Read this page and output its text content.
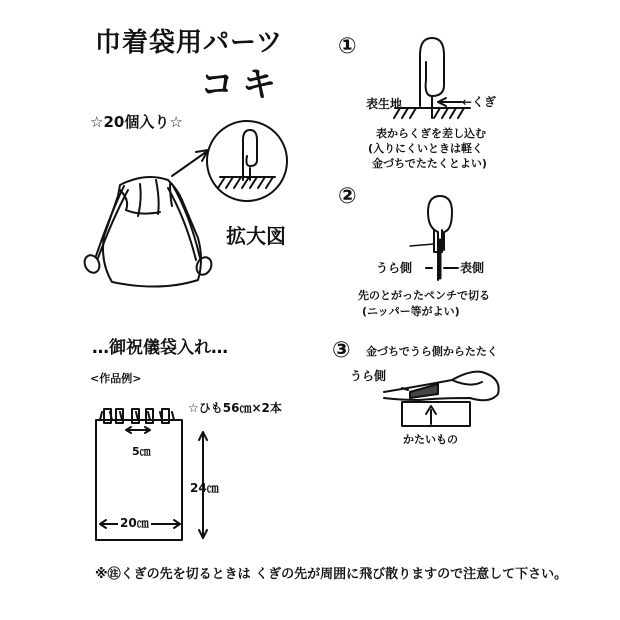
巾着袋用パーツ
コキ
☆20個入り☆
拡大図
①
表生地	←くぎ
表からくぎを差し込む
(入りにくいときは軽く
金づちでたたくとよい)
②
うら側	表側
先のとがったペンチで切る
(ニッパー等がよい)
③ 金づちでうら側からたたく
うら側
かたいもの
…御祝儀袋入れ…
<作品例>
☆ひも56㎝×2本
5㎝
24㎝
20㎝
※㊟くぎの先を切るときは くぎの先が周囲に飛び散りますので注意して下さい。
